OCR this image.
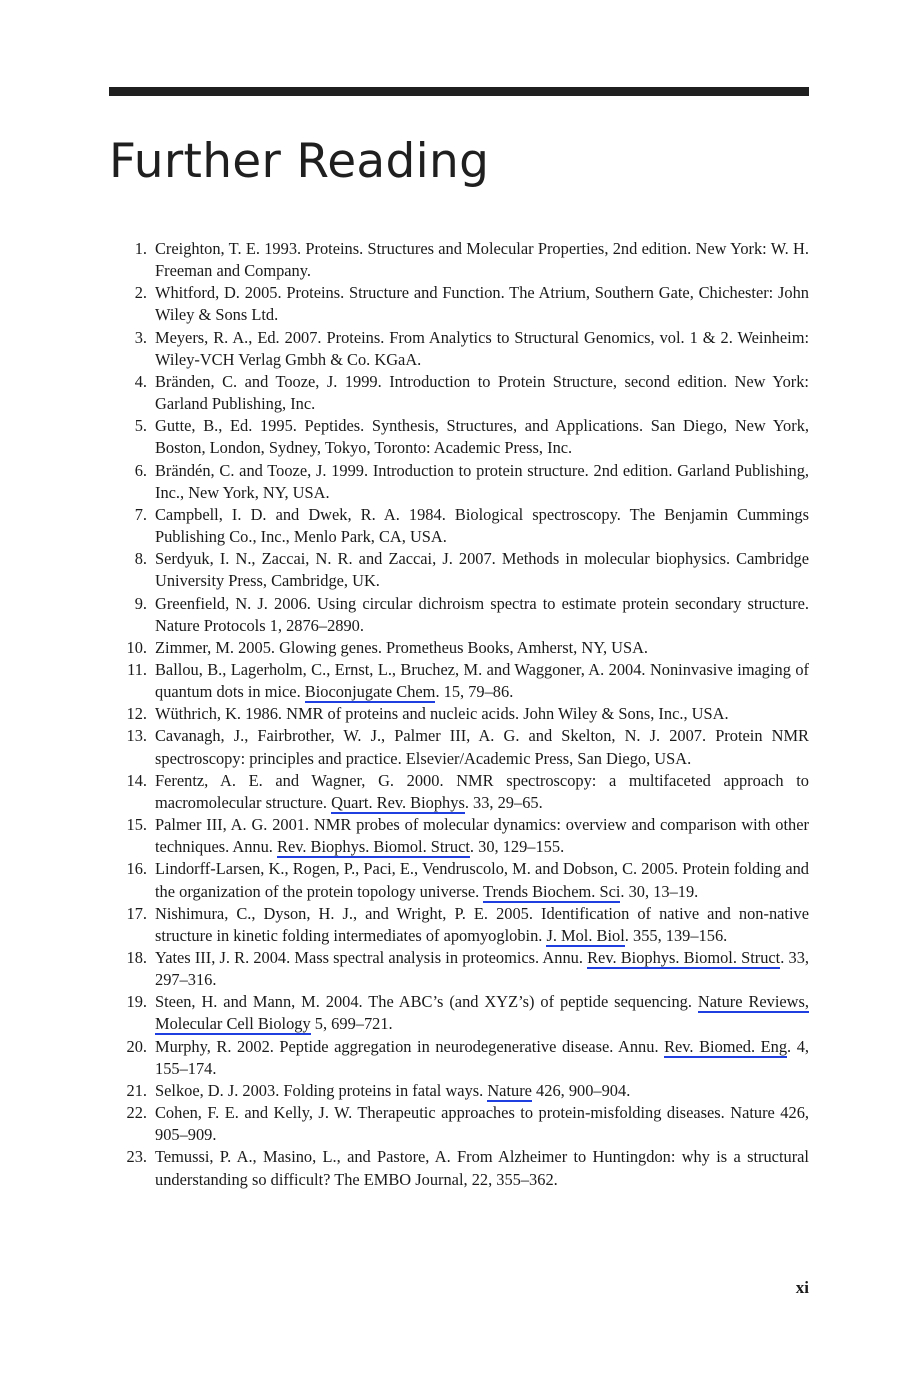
Further Reading
1. Creighton, T. E. 1993. Proteins. Structures and Molecular Properties, 2nd edition. New York: W. H. Freeman and Company.
2. Whitford, D. 2005. Proteins. Structure and Function. The Atrium, Southern Gate, Chichester: John Wiley & Sons Ltd.
3. Meyers, R. A., Ed. 2007. Proteins. From Analytics to Structural Genomics, vol. 1 & 2. Weinheim: Wiley-VCH Verlag Gmbh & Co. KGaA.
4. Bränden, C. and Tooze, J. 1999. Introduction to Protein Structure, second edition. New York: Garland Publishing, Inc.
5. Gutte, B., Ed. 1995. Peptides. Synthesis, Structures, and Applications. San Diego, New York, Boston, London, Sydney, Tokyo, Toronto: Academic Press, Inc.
6. Brändén, C. and Tooze, J. 1999. Introduction to protein structure. 2nd edition. Garland Publishing, Inc., New York, NY, USA.
7. Campbell, I. D. and Dwek, R. A. 1984. Biological spectroscopy. The Benjamin Cummings Publishing Co., Inc., Menlo Park, CA, USA.
8. Serdyuk, I. N., Zaccai, N. R. and Zaccai, J. 2007. Methods in molecular biophysics. Cambridge University Press, Cambridge, UK.
9. Greenfield, N. J. 2006. Using circular dichroism spectra to estimate protein secondary structure. Nature Protocols 1, 2876–2890.
10. Zimmer, M. 2005. Glowing genes. Prometheus Books, Amherst, NY, USA.
11. Ballou, B., Lagerholm, C., Ernst, L., Bruchez, M. and Waggoner, A. 2004. Noninvasive imaging of quantum dots in mice. Bioconjugate Chem. 15, 79–86.
12. Wüthrich, K. 1986. NMR of proteins and nucleic acids. John Wiley & Sons, Inc., USA.
13. Cavanagh, J., Fairbrother, W. J., Palmer III, A. G. and Skelton, N. J. 2007. Protein NMR spectroscopy: principles and practice. Elsevier/Academic Press, San Diego, USA.
14. Ferentz, A. E. and Wagner, G. 2000. NMR spectroscopy: a multifaceted approach to macromolecular structure. Quart. Rev. Biophys. 33, 29–65.
15. Palmer III, A. G. 2001. NMR probes of molecular dynamics: overview and comparison with other techniques. Annu. Rev. Biophys. Biomol. Struct. 30, 129–155.
16. Lindorff-Larsen, K., Rogen, P., Paci, E., Vendruscolo, M. and Dobson, C. 2005. Protein folding and the organization of the protein topology universe. Trends Biochem. Sci. 30, 13–19.
17. Nishimura, C., Dyson, H. J., and Wright, P. E. 2005. Identification of native and non-native structure in kinetic folding intermediates of apomyoglobin. J. Mol. Biol. 355, 139–156.
18. Yates III, J. R. 2004. Mass spectral analysis in proteomics. Annu. Rev. Biophys. Biomol. Struct. 33, 297–316.
19. Steen, H. and Mann, M. 2004. The ABC’s (and XYZ’s) of peptide sequencing. Nature Reviews, Molecular Cell Biology 5, 699–721.
20. Murphy, R. 2002. Peptide aggregation in neurodegenerative disease. Annu. Rev. Biomed. Eng. 4, 155–174.
21. Selkoe, D. J. 2003. Folding proteins in fatal ways. Nature 426, 900–904.
22. Cohen, F. E. and Kelly, J. W. Therapeutic approaches to protein-misfolding diseases. Nature 426, 905–909.
23. Temussi, P. A., Masino, L., and Pastore, A. From Alzheimer to Huntingdon: why is a structural understanding so difficult? The EMBO Journal, 22, 355–362.
xi
